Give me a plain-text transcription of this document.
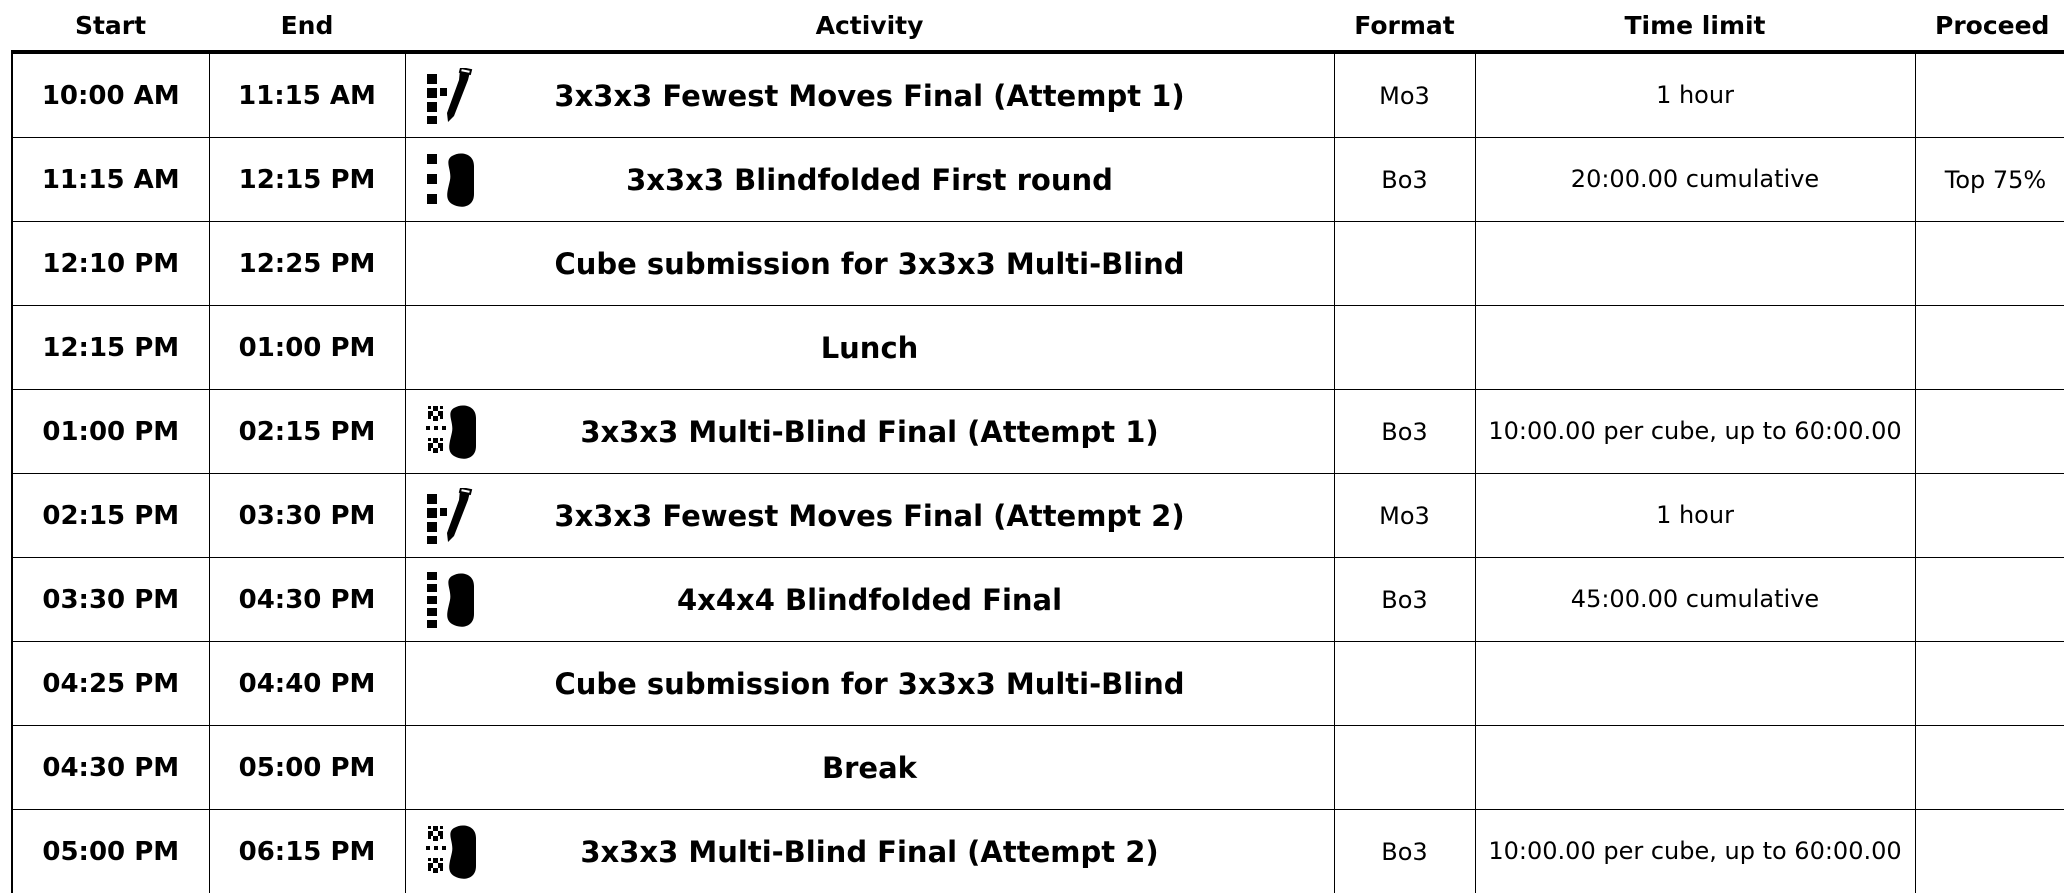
Start	End	Activity	Format	Time limit	Proceed
10:00 AM	11:15 AM	3x3x3 Fewest Moves Final (Attempt 1)	Mo3	1 hour	
11:15 AM	12:15 PM	3x3x3 Blindfolded First round	Bo3	20:00.00 cumulative	Top 75%
12:10 PM	12:25 PM	Cube submission for 3x3x3 Multi-Blind			
12:15 PM	01:00 PM	Lunch			
01:00 PM	02:15 PM	3x3x3 Multi-Blind Final (Attempt 1)	Bo3	10:00.00 per cube, up to 60:00.00	
02:15 PM	03:30 PM	3x3x3 Fewest Moves Final (Attempt 2)	Mo3	1 hour	
03:30 PM	04:30 PM	4x4x4 Blindfolded Final	Bo3	45:00.00 cumulative	
04:25 PM	04:40 PM	Cube submission for 3x3x3 Multi-Blind			
04:30 PM	05:00 PM	Break			
05:00 PM	06:15 PM	3x3x3 Multi-Blind Final (Attempt 2)	Bo3	10:00.00 per cube, up to 60:00.00	
